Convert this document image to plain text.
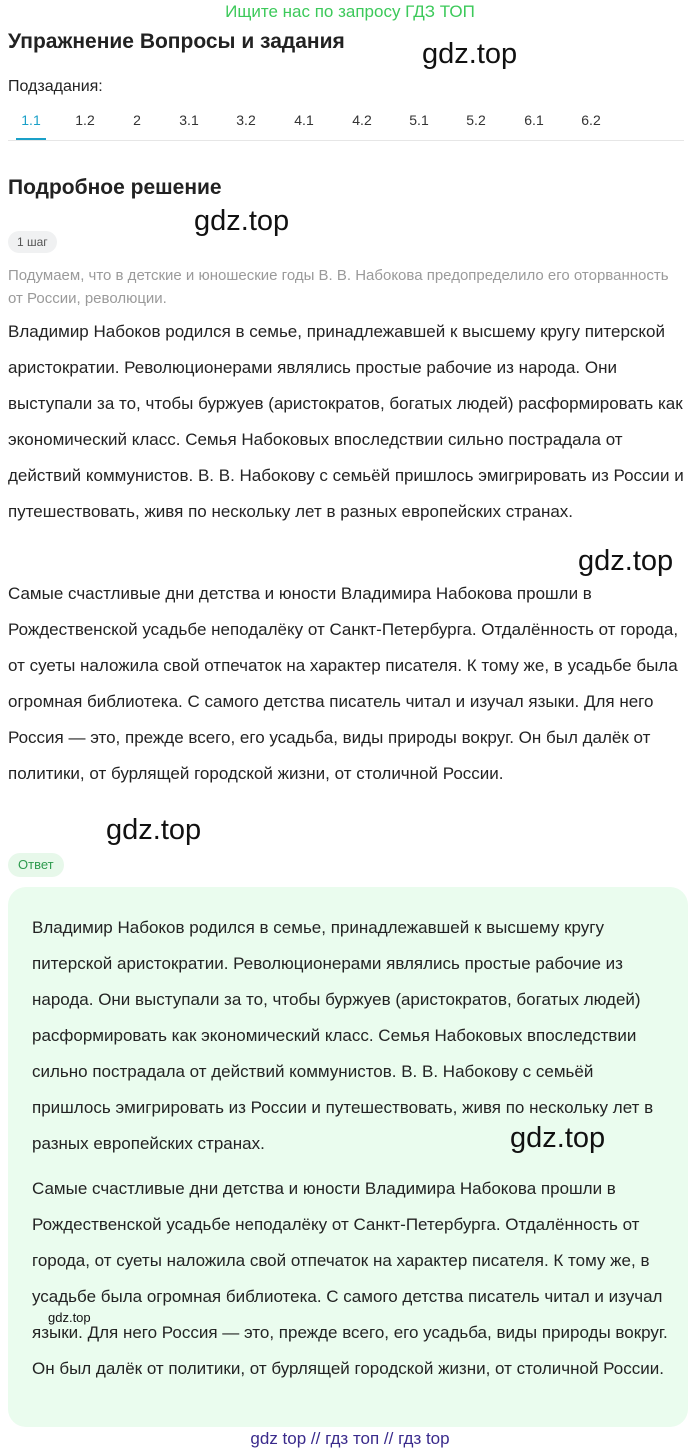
Ищите нас по запросу ГДЗ ТОП
Упражнение Вопросы и задания	gdz.top
Подзадания:
1.1	1.2	2	3.1	3.2	4.1	4.2	5.1	5.2	6.1	6.2
Подробное решение
gdz.top
1 шаг
Подумаем, что в детские и юношеские годы В. В. Набокова предопределило его оторванность от России, революции.
Владимир Набоков родился в семье, принадлежавшей к высшему кругу питерской аристократии. Революционерами являлись простые рабочие из народа. Они выступали за то, чтобы буржуев (аристократов, богатых людей) расформировать как экономический класс. Семья Набоковых впоследствии сильно пострадала от действий коммунистов. В. В. Набокову с семьёй пришлось эмигрировать из России и путешествовать, живя по нескольку лет в разных европейских странах.
gdz.top
Самые счастливые дни детства и юности Владимира Набокова прошли в Рождественской усадьбе неподалёку от Санкт-Петербурга. Отдалённость от города, от суеты наложила свой отпечаток на характер писателя. К тому же, в усадьбе была огромная библиотека. С самого детства писатель читал и изучал языки. Для него Россия — это, прежде всего, его усадьба, виды природы вокруг. Он был далёк от политики, от бурлящей городской жизни, от столичной России.
gdz.top
Ответ
Владимир Набоков родился в семье, принадлежавшей к высшему кругу питерской аристократии. Революционерами являлись простые рабочие из народа. Они выступали за то, чтобы буржуев (аристократов, богатых людей) расформировать как экономический класс. Семья Набоковых впоследствии сильно пострадала от действий коммунистов. В. В. Набокову с семьёй пришлось эмигрировать из России и путешествовать, живя по нескольку лет в разных европейских странах.
Самые счастливые дни детства и юности Владимира Набокова прошли в Рождественской усадьбе неподалёку от Санкт-Петербурга. Отдалённость от города, от суеты наложила свой отпечаток на характер писателя. К тому же, в усадьбе была огромная библиотека. С самого детства писатель читал и изучал языки. Для него Россия — это, прежде всего, его усадьба, виды природы вокруг. Он был далёк от политики, от бурлящей городской жизни, от столичной России.
gdz.top
gdz.top
gdz top // гдз топ // гдз top
